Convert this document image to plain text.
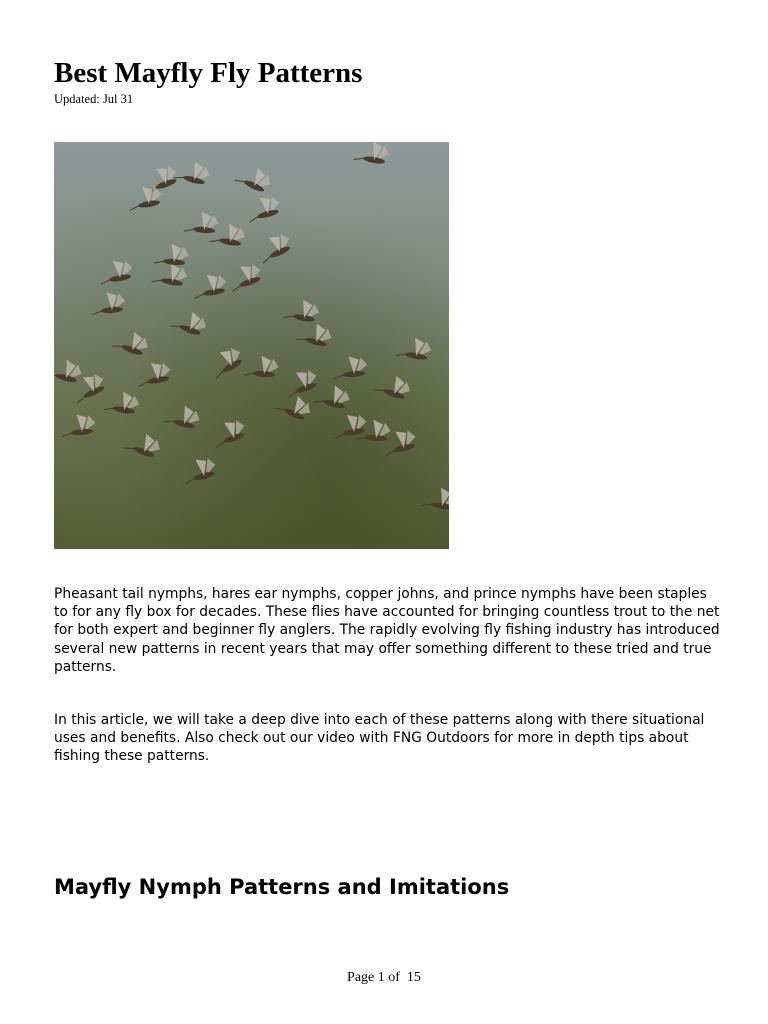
Best Mayfly Fly Patterns
Updated: Jul 31

Pheasant tail nymphs, hares ear nymphs, copper johns, and prince nymphs have been staples to for any fly box for decades. These flies have accounted for bringing countless trout to the net for both expert and beginner fly anglers. The rapidly evolving fly fishing industry has introduced several new patterns in recent years that may offer something different to these tried and true patterns.

In this article, we will take a deep dive into each of these patterns along with there situational uses and benefits. Also check out our video with FNG Outdoors for more in depth tips about fishing these patterns.

Mayfly Nymph Patterns and Imitations
Page 1 of  15
